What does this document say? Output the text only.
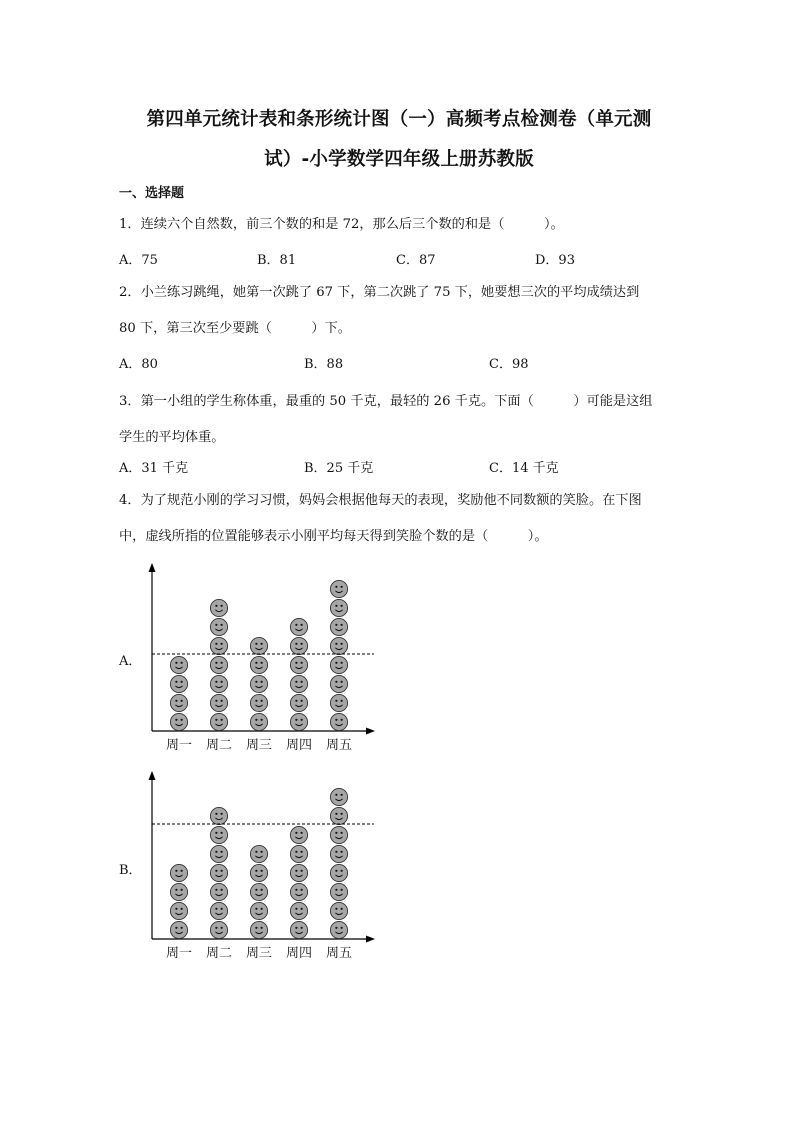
第四单元统计表和条形统计图（一）高频考点检测卷（单元测
试）-小学数学四年级上册苏教版
一、选择题
1．连续六个自然数，前三个数的和是 72，那么后三个数的和是（　　　）。
A．75	B．81	C．87	D．93
2．小兰练习跳绳，她第一次跳了 67 下，第二次跳了 75 下，她要想三次的平均成绩达到
80 下，第三次至少要跳（　　　）下。
A．80	B．88	C．98
3．第一小组的学生称体重，最重的 50 千克，最轻的 26 千克。下面（　　　）可能是这组
学生的平均体重。
A．31 千克	B．25 千克	C．14 千克
4．为了规范小刚的学习习惯，妈妈会根据他每天的表现，奖励他不同数额的笑脸。在下图
中，虚线所指的位置能够表示小刚平均每天得到笑脸个数的是（　　　）。
A．
周一 周二 周三 周四 周五
B．
周一 周二 周三 周四 周五
